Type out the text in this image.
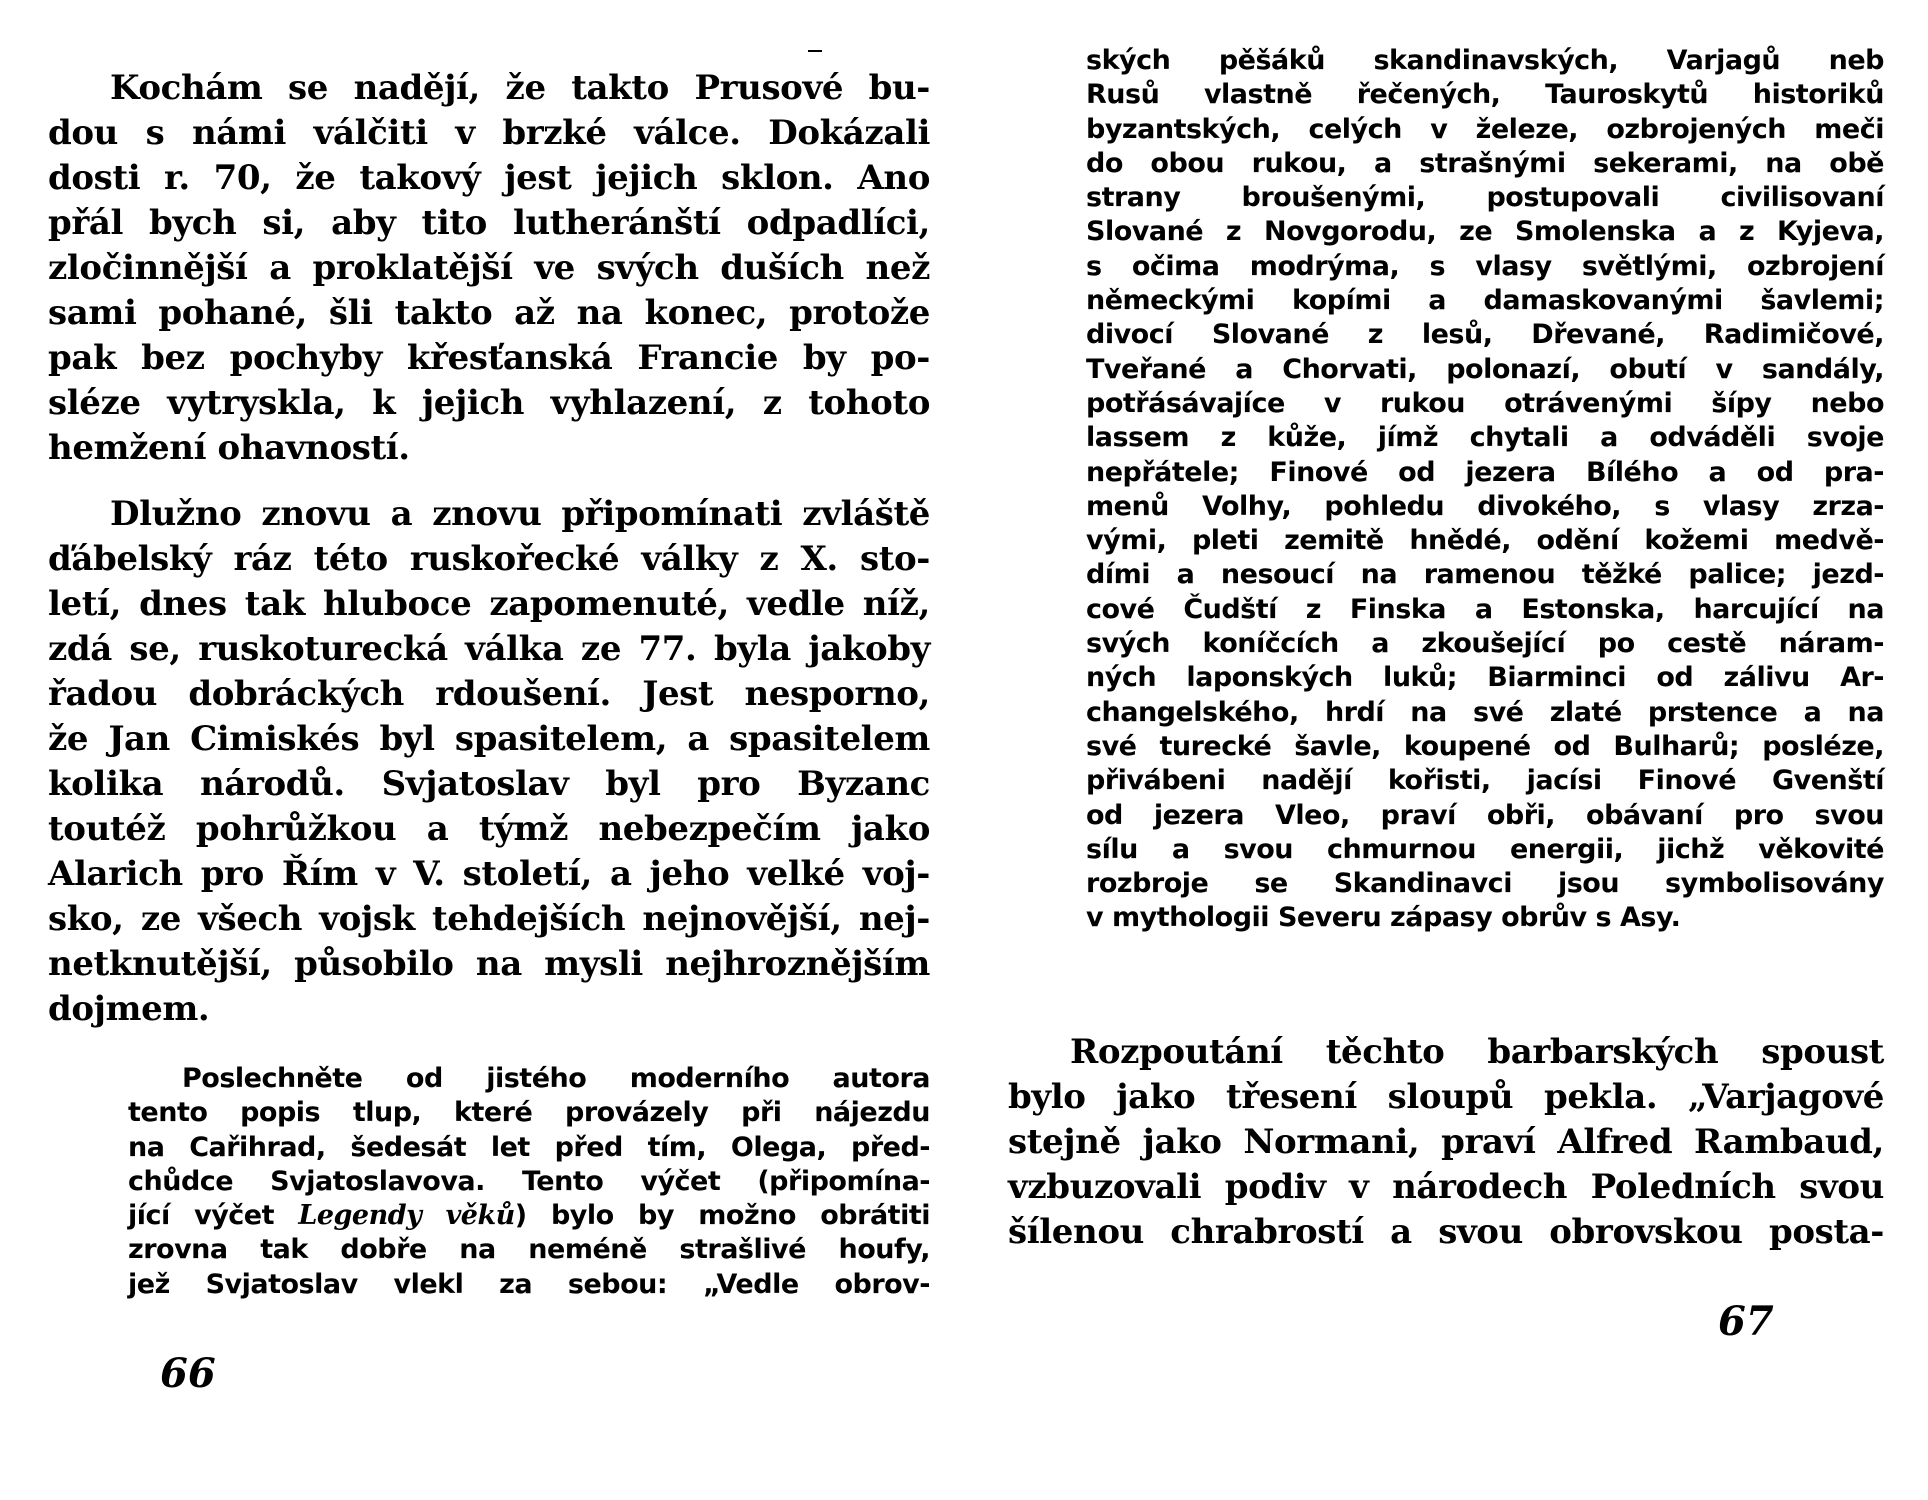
Kochám se nadějí, že takto Prusové bu-
dou s námi válčiti v brzké válce. Dokázali
dosti r. 70, že takový jest jejich sklon. Ano
přál bych si, aby tito lutheránští odpadlíci,
zločinnější a proklatější ve svých duších než
sami pohané, šli takto až na konec, protože
pak bez pochyby křesťanská Francie by po-
sléze vytryskla, k jejich vyhlazení, z tohoto
hemžení ohavností.
Dlužno znovu a znovu připomínati zvláště
ďábelský ráz této ruskořecké války z X. sto-
letí, dnes tak hluboce zapomenuté, vedle níž,
zdá se, ruskoturecká válka ze 77. byla jakoby
řadou dobráckých rdoušení. Jest nesporno,
že Jan Cimiskés byl spasitelem, a spasitelem
kolika národů. Svjatoslav byl pro Byzanc
toutéž pohrůžkou a týmž nebezpečím jako
Alarich pro Řím v V. století, a jeho velké voj-
sko, ze všech vojsk tehdejších nejnovější, nej-
netknutější, působilo na mysli nejhroznějším
dojmem.
Poslechněte od jistého moderního autora
tento popis tlup, které provázely při nájezdu
na Cařihrad, šedesát let před tím, Olega, před-
chůdce Svjatoslavova. Tento výčet (připomína-
jící výčet Legendy věků) bylo by možno obrátiti
zrovna tak dobře na neméně strašlivé houfy,
jež Svjatoslav vlekl za sebou: „Vedle obrov-
66
ských pěšáků skandinavských, Varjagů neb
Rusů vlastně řečených, Tauroskytů historiků
byzantských, celých v železe, ozbrojených meči
do obou rukou, a strašnými sekerami, na obě
strany broušenými, postupovali civilisovaní
Slované z Novgorodu, ze Smolenska a z Kyjeva,
s očima modrýma, s vlasy světlými, ozbrojení
německými kopími a damaskovanými šavlemi;
divocí Slované z lesů, Dřevané, Radimičové,
Tveřané a Chorvati, polonazí, obutí v sandály,
potřásávajíce v rukou otrávenými šípy nebo
lassem z kůže, jímž chytali a odváděli svoje
nepřátele; Finové od jezera Bílého a od pra-
menů Volhy, pohledu divokého, s vlasy zrza-
vými, pleti zemitě hnědé, odění kožemi medvě-
dími a nesoucí na ramenou těžké palice; jezd-
cové Čudští z Finska a Estonska, harcující na
svých koníčcích a zkoušející po cestě náram-
ných laponských luků; Biarminci od zálivu Ar-
changelského, hrdí na své zlaté prstence a na
své turecké šavle, koupené od Bulharů; posléze,
přivábeni nadějí kořisti, jacísi Finové Gvenští
od jezera Vleo, praví obři, obávaní pro svou
sílu a svou chmurnou energii, jichž věkovité
rozbroje se Skandinavci jsou symbolisovány
v mythologii Severu zápasy obrův s Asy.
Rozpoutání těchto barbarských spoust
bylo jako třesení sloupů pekla. „Varjagové
stejně jako Normani, praví Alfred Rambaud,
vzbuzovali podiv v národech Poledních svou
šílenou chrabrostí a svou obrovskou posta-
67
